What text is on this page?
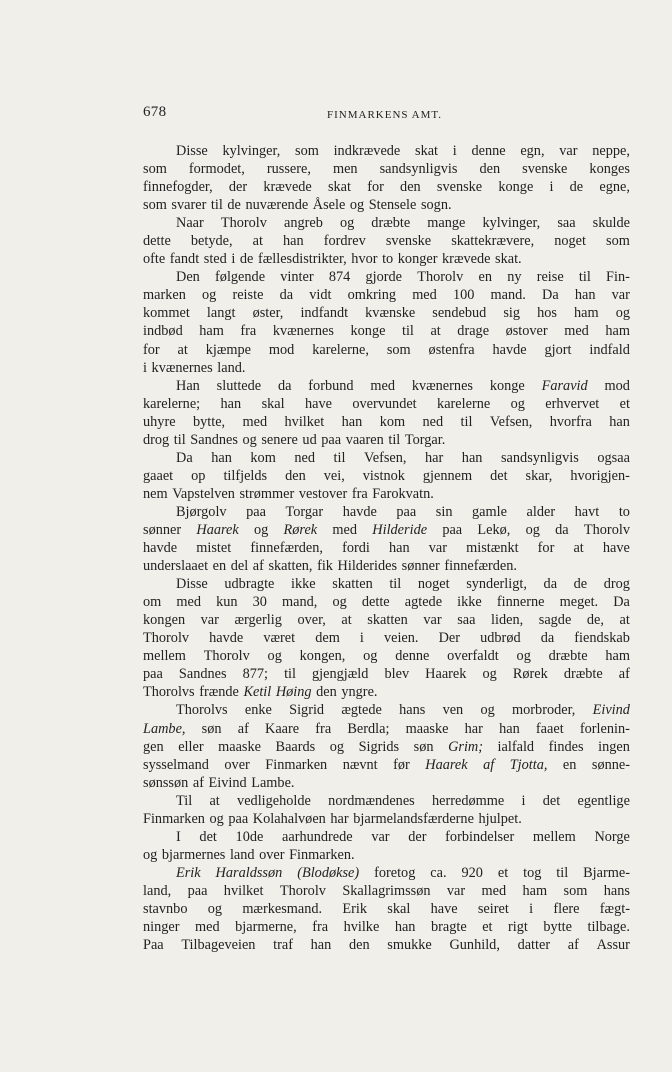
678	FINMARKENS AMT.
Disse kylvinger, som indkrævede skat i denne egn, var neppe,
som formodet, russere, men sandsynligvis den svenske konges
finnefogder, der krævede skat for den svenske konge i de egne,
som svarer til de nuværende Åsele og Stensele sogn.
Naar Thorolv angreb og dræbte mange kylvinger, saa skulde
dette betyde, at han fordrev svenske skattekrævere, noget som
ofte fandt sted i de fællesdistrikter, hvor to konger krævede skat.
Den følgende vinter 874 gjorde Thorolv en ny reise til Fin-
marken og reiste da vidt omkring med 100 mand. Da han var
kommet langt øster, indfandt kvænske sendebud sig hos ham og
indbød ham fra kvænernes konge til at drage østover med ham
for at kjæmpe mod karelerne, som østenfra havde gjort indfald
i kvænernes land.
Han sluttede da forbund med kvænernes konge Faravid mod
karelerne; han skal have overvundet karelerne og erhvervet et
uhyre bytte, med hvilket han kom ned til Vefsen, hvorfra han
drog til Sandnes og senere ud paa vaaren til Torgar.
Da han kom ned til Vefsen, har han sandsynligvis ogsaa
gaaet op tilfjelds den vei, vistnok gjennem det skar, hvorigjen-
nem Vapstelven strømmer vestover fra Farokvatn.
Bjørgolv paa Torgar havde paa sin gamle alder havt to
sønner Haarek og Rørek med Hilderide paa Lekø, og da Thorolv
havde mistet finnefærden, fordi han var mistænkt for at have
underslaaet en del af skatten, fik Hilderides sønner finnefærden.
Disse udbragte ikke skatten til noget synderligt, da de drog
om med kun 30 mand, og dette agtede ikke finnerne meget. Da
kongen var ærgerlig over, at skatten var saa liden, sagde de, at
Thorolv havde været dem i veien. Der udbrød da fiendskab
mellem Thorolv og kongen, og denne overfaldt og dræbte ham
paa Sandnes 877; til gjengjæld blev Haarek og Rørek dræbte af
Thorolvs frænde Ketil Høing den yngre.
Thorolvs enke Sigrid ægtede hans ven og morbroder, Eivind
Lambe, søn af Kaare fra Berdla; maaske har han faaet forlenin-
gen eller maaske Baards og Sigrids søn Grim; ialfald findes ingen
sysselmand over Finmarken nævnt før Haarek af Tjotta, en sønne-
sønssøn af Eivind Lambe.
Til at vedligeholde nordmændenes herredømme i det egentlige
Finmarken og paa Kolahalvøen har bjarmelandsfærderne hjulpet.
I det 10de aarhundrede var der forbindelser mellem Norge
og bjarmernes land over Finmarken.
Erik Haraldssøn (Blodøkse) foretog ca. 920 et tog til Bjarme-
land, paa hvilket Thorolv Skallagrimssøn var med ham som hans
stavnbo og mærkesmand. Erik skal have seiret i flere fægt-
ninger med bjarmerne, fra hvilke han bragte et rigt bytte tilbage.
Paa Tilbageveien traf han den smukke Gunhild, datter af Assur
